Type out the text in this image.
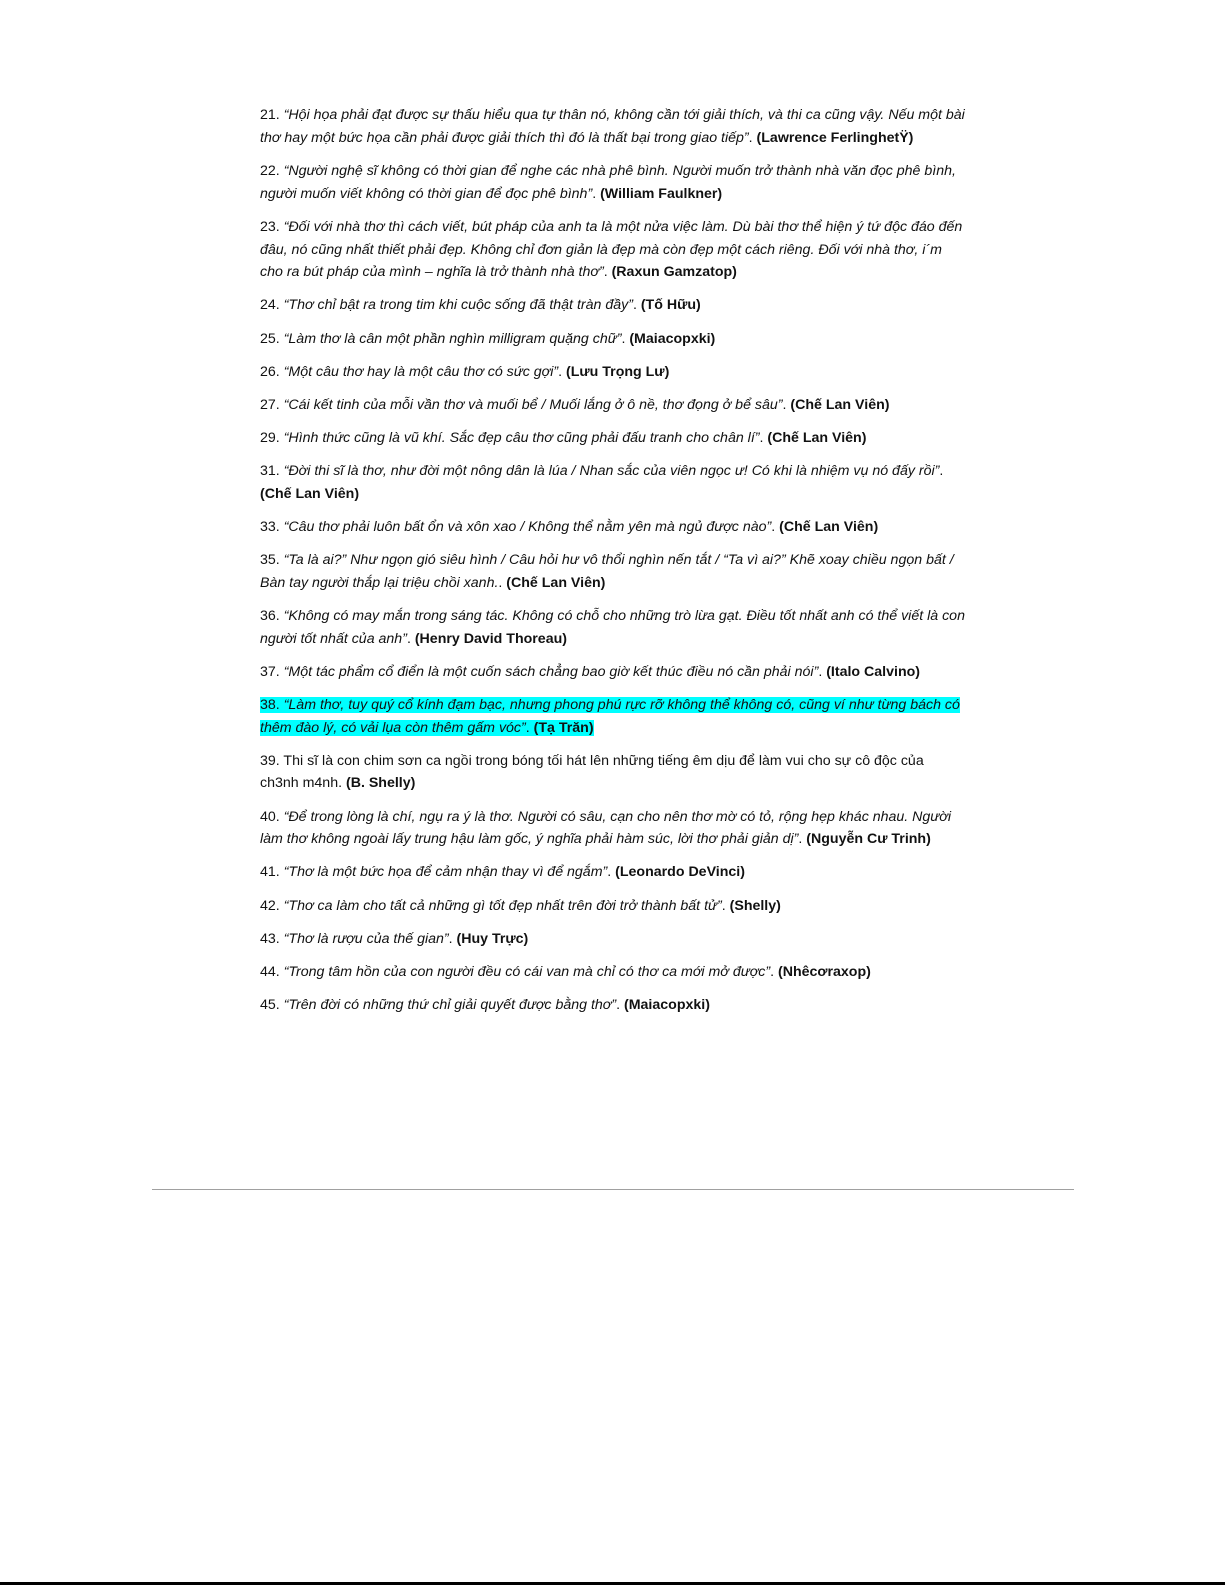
21. “Hội họa phải đạt được sự thấu hiểu qua tự thân nó, không cần tới giải thích, và thi ca cũng vậy. Nếu một bài thơ hay một bức họa cần phải được giải thích thì đó là thất bại trong giao tiếp”. (Lawrence FerlinghetŸ)

22. “Người nghệ sĩ không có thời gian để nghe các nhà phê bình. Người muốn trở thành nhà văn đọc phê bình, người muốn viết không có thời gian để đọc phê bình”. (William Faulkner)

23. “Đối với nhà thơ thì cách viết, bút pháp của anh ta là một nửa việc làm. Dù bài thơ thể hiện ý tứ độc đáo đến đâu, nó cũng nhất thiết phải đẹp. Không chỉ đơn giản là đẹp mà còn đẹp một cách riêng. Đối với nhà thơ, i´m cho ra bút pháp của mình – nghĩa là trở thành nhà thơ”. (Raxun Gamzatop)

24. “Thơ chỉ bật ra trong tim khi cuộc sống đã thật tràn đầy”. (Tố Hữu)

25. “Làm thơ là cân một phần nghìn milligram quặng chữ”. (Maiacopxki)

26. “Một câu thơ hay là một câu thơ có sức gợi”. (Lưu Trọng Lư)

27. “Cái kết tinh của mỗi vần thơ và muối bể / Muối lắng ở ô nề, thơ đọng ở bể sâu”. (Chế Lan Viên)

29. “Hình thức cũng là vũ khí. Sắc đẹp câu thơ cũng phải đấu tranh cho chân lí”. (Chế Lan Viên)

31. “Đời thi sĩ là thơ, như đời một nông dân là lúa / Nhan sắc của viên ngọc ư! Có khi là nhiệm vụ nó đấy rồi”. (Chế Lan Viên)

33. “Câu thơ phải luôn bất ổn và xôn xao / Không thể nằm yên mà ngủ được nào”. (Chế Lan Viên)

35. “Ta là ai?” Như ngọn gió siêu hình / Câu hỏi hư vô thổi nghìn nến tắt / “Ta vì ai?” Khẽ xoay chiều ngọn bất / Bàn tay người thắp lại triệu chồi xanh.. (Chế Lan Viên)

36. “Không có may mắn trong sáng tác. Không có chỗ cho những trò lừa gạt. Điều tốt nhất anh có thể viết là con người tốt nhất của anh”. (Henry David Thoreau)

37. “Một tác phẩm cổ điển là một cuốn sách chẳng bao giờ kết thúc điều nó cần phải nói”. (Italo Calvino)

38. “Làm thơ, tuy quý cổ kính đạm bạc, nhưng phong phú rực rỡ không thể không có, cũng ví như từng bách có thêm đào lý, có vải lụa còn thêm gấm vóc”. (Tạ Trăn)

39. Thi sĩ là con chim sơn ca ngồi trong bóng tối hát lên những tiếng êm dịu để làm vui cho sự cô độc của ch3nh m4nh. (B. Shelly)

40. “Để trong lòng là chí, ngụ ra ý là thơ. Người có sâu, cạn cho nên thơ mờ có tỏ, rộng hẹp khác nhau. Người làm thơ không ngoài lấy trung hậu làm gốc, ý nghĩa phải hàm súc, lời thơ phải giản dị”. (Nguyễn Cư Trinh)

41. “Thơ là một bức họa để cảm nhận thay vì để ngắm”. (Leonardo DeVinci)

42. “Thơ ca làm cho tất cả những gì tốt đẹp nhất trên đời trở thành bất tử”. (Shelly)

43. “Thơ là rượu của thế gian”. (Huy Trực)

44. “Trong tâm hồn của con người đều có cái van mà chỉ có thơ ca mới mở được”. (Nhêcơraxop)

45. “Trên đời có những thứ chỉ giải quyết được bằng thơ”. (Maiacopxki)
